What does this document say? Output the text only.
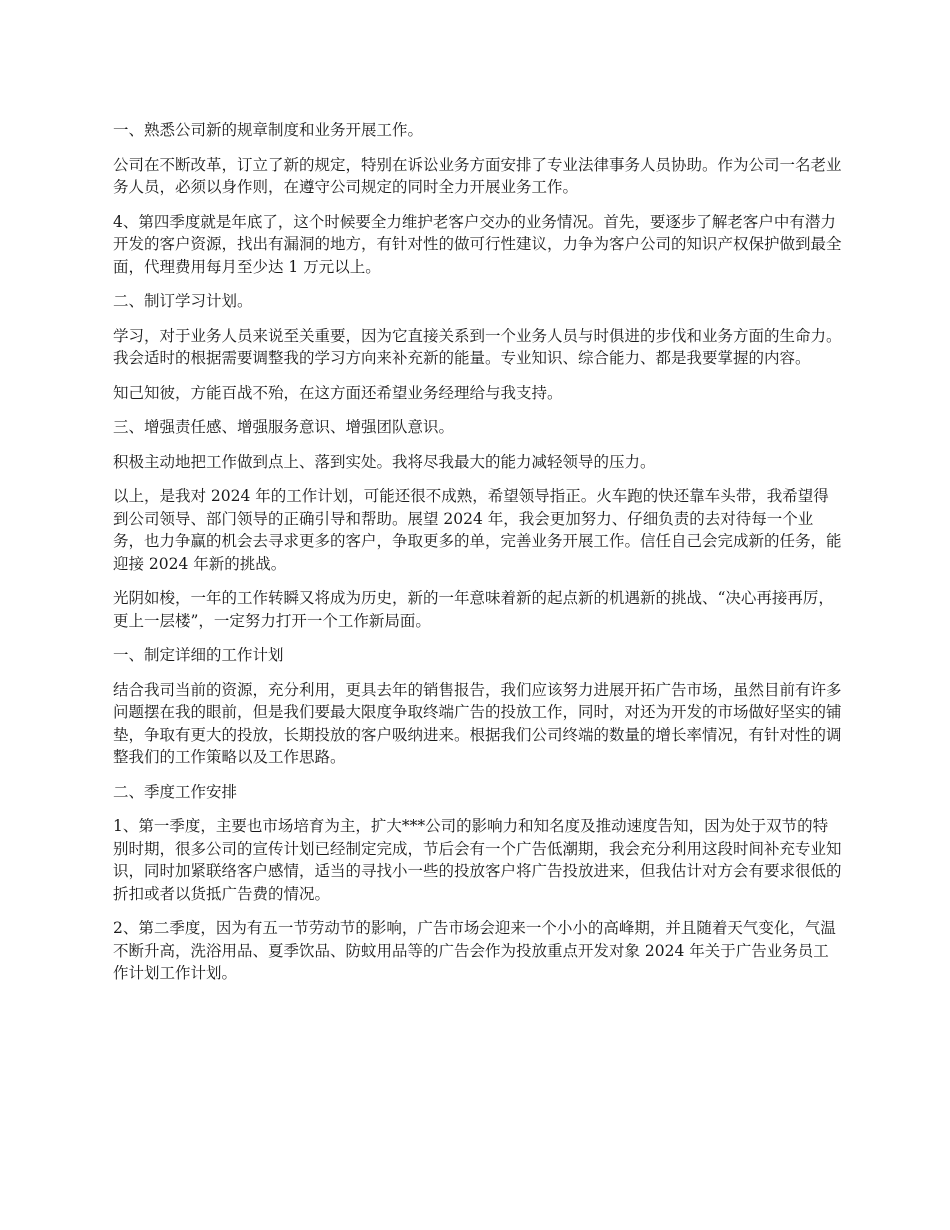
一、熟悉公司新的规章制度和业务开展工作。

公司在不断改革，订立了新的规定，特别在诉讼业务方面安排了专业法律事务人员协助。作为公司一名老业务人员，必须以身作则，在遵守公司规定的同时全力开展业务工作。

4、第四季度就是年底了，这个时候要全力维护老客户交办的业务情况。首先，要逐步了解老客户中有潜力开发的客户资源，找出有漏洞的地方，有针对性的做可行性建议，力争为客户公司的知识产权保护做到最全面，代理费用每月至少达 1 万元以上。

二、制订学习计划。

学习，对于业务人员来说至关重要，因为它直接关系到一个业务人员与时俱进的步伐和业务方面的生命力。我会适时的根据需要调整我的学习方向来补充新的能量。专业知识、综合能力、都是我要掌握的内容。

知己知彼，方能百战不殆，在这方面还希望业务经理给与我支持。

三、增强责任感、增强服务意识、增强团队意识。

积极主动地把工作做到点上、落到实处。我将尽我最大的能力减轻领导的压力。

以上，是我对 2024 年的工作计划，可能还很不成熟，希望领导指正。火车跑的快还靠车头带，我希望得到公司领导、部门领导的正确引导和帮助。展望 2024 年，我会更加努力、仔细负责的去对待每一个业务，也力争赢的机会去寻求更多的客户，争取更多的单，完善业务开展工作。信任自己会完成新的任务，能迎接 2024 年新的挑战。

光阴如梭，一年的工作转瞬又将成为历史，新的一年意味着新的起点新的机遇新的挑战、“决心再接再厉，更上一层楼”，一定努力打开一个工作新局面。

一、制定详细的工作计划

结合我司当前的资源，充分利用，更具去年的销售报告，我们应该努力进展开拓广告市场，虽然目前有许多问题摆在我的眼前，但是我们要最大限度争取终端广告的投放工作，同时，对还为开发的市场做好坚实的铺垫，争取有更大的投放，长期投放的客户吸纳进来。根据我们公司终端的数量的增长率情况，有针对性的调整我们的工作策略以及工作思路。

二、季度工作安排

1、第一季度，主要也市场培育为主，扩大***公司的影响力和知名度及推动速度告知，因为处于双节的特别时期，很多公司的宣传计划已经制定完成，节后会有一个广告低潮期，我会充分利用这段时间补充专业知识，同时加紧联络客户感情，适当的寻找小一些的投放客户将广告投放进来，但我估计对方会有要求很低的折扣或者以货抵广告费的情况。

2、第二季度，因为有五一节劳动节的影响，广告市场会迎来一个小小的高峰期，并且随着天气变化，气温不断升高，洗浴用品、夏季饮品、防蚊用品等的广告会作为投放重点开发对象 2024 年关于广告业务员工作计划工作计划。
